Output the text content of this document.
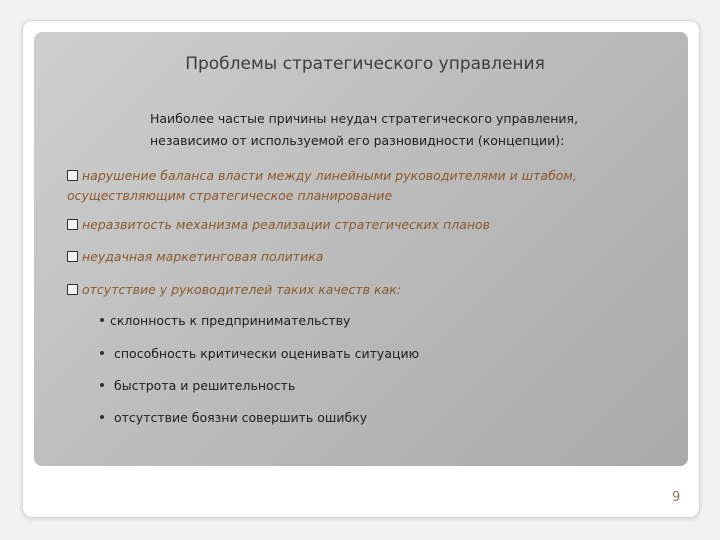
Проблемы стратегического управления
Наиболее частые причины неудач стратегического управления,
независимо от используемой его разновидности (концепции):
нарушение баланса власти между линейными руководителями и штабом,
осуществляющим стратегическое планирование
неразвитость механизма реализации стратегических планов
неудачная маркетинговая политика
отсутствие у руководителей таких качеств как:
склонность к предпринимательству
способность критически оценивать ситуацию
быстрота и решительность
отсутствие боязни совершить ошибку
9
